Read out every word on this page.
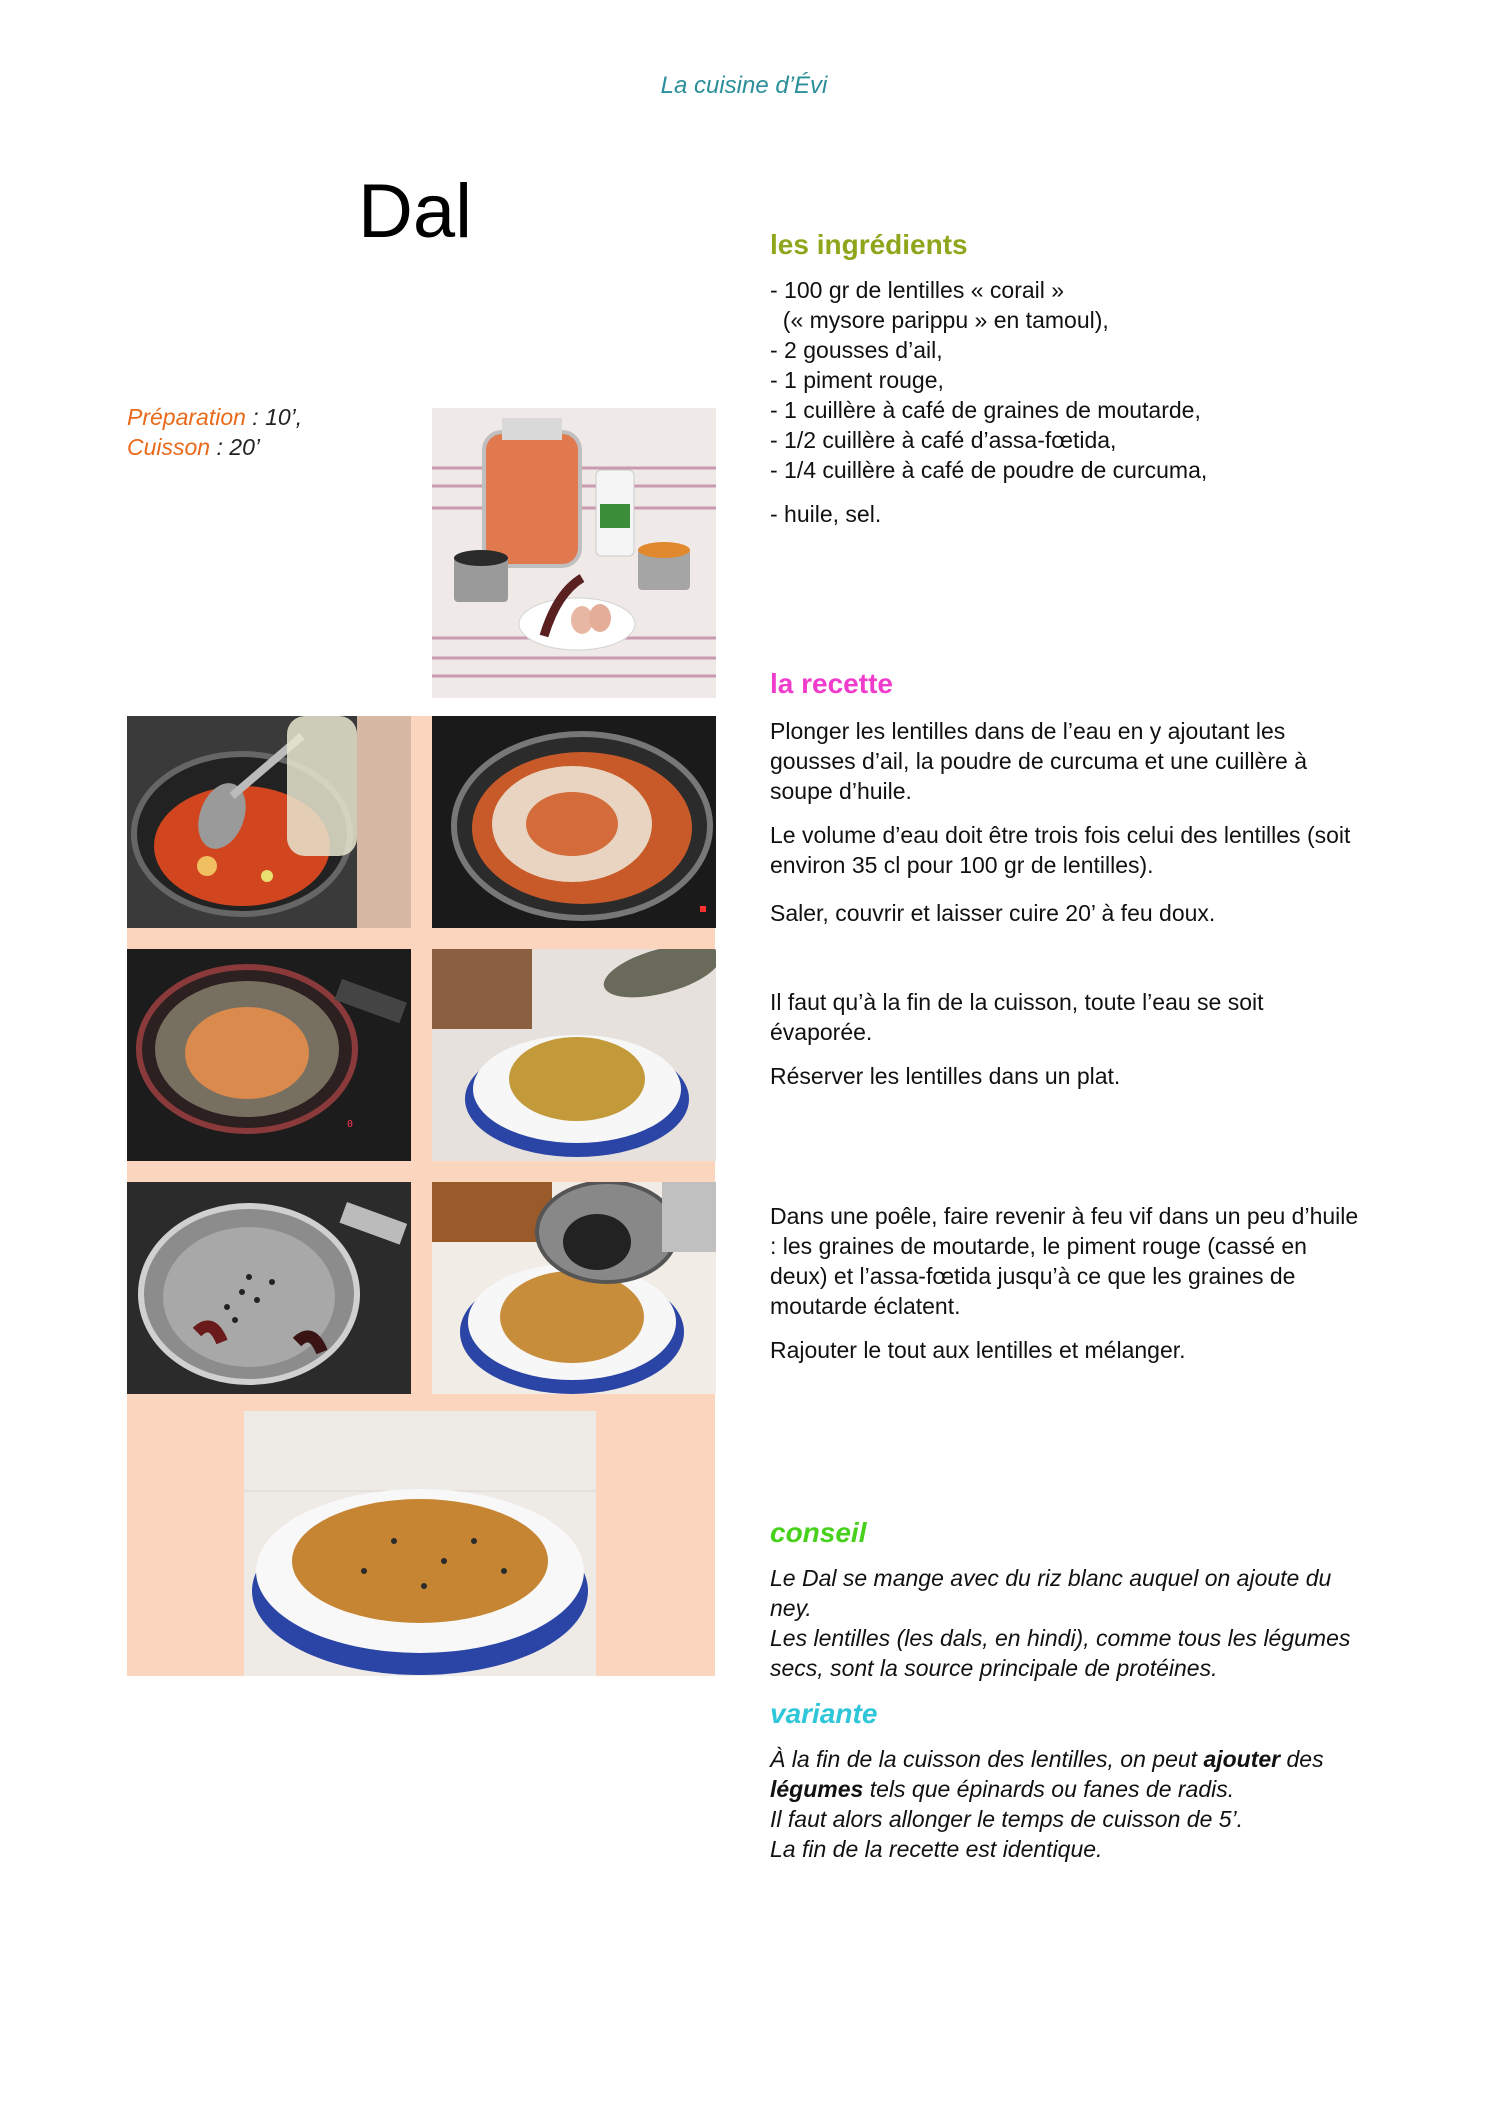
La cuisine d’Évi
Dal
Préparation : 10’,
Cuisson : 20’
0
les ingrédients
- 100 gr de lentilles « corail »
(« mysore parippu » en tamoul),
- 2 gousses d’ail,
- 1 piment rouge,
- 1 cuillère à café de graines de moutarde,
- 1/2 cuillère à café d’assa-fœtida,
- 1/4 cuillère à café de poudre de curcuma,
- huile, sel.
la recette

Plonger les lentilles dans de l’eau en y ajoutant les gousses d’ail, la poudre de curcuma et une cuillère à soupe d’huile.

Le volume d’eau doit être trois fois celui des lentilles (soit environ 35 cl pour 100 gr de lentilles).

Saler, couvrir et laisser cuire 20’ à feu doux.

Il faut qu’à la fin de la cuisson, toute l’eau se soit évaporée.

Réserver les lentilles dans un plat.

Dans une poêle, faire revenir à feu vif dans un peu d’huile : les graines de moutarde, le piment rouge (cassé en deux) et l’assa-fœtida jusqu’à ce que les graines de moutarde éclatent.

Rajouter le tout aux lentilles et mélanger.

conseil
Le Dal se mange avec du riz blanc auquel on ajoute du ney.
Les lentilles (les dals, en hindi), comme tous les légumes secs, sont la source principale de protéines.
variante
À la fin de la cuisson des lentilles, on peut ajouter des légumes tels que épinards ou fanes de radis.
Il faut alors allonger le temps de cuisson de 5’.
La fin de la recette est identique.
